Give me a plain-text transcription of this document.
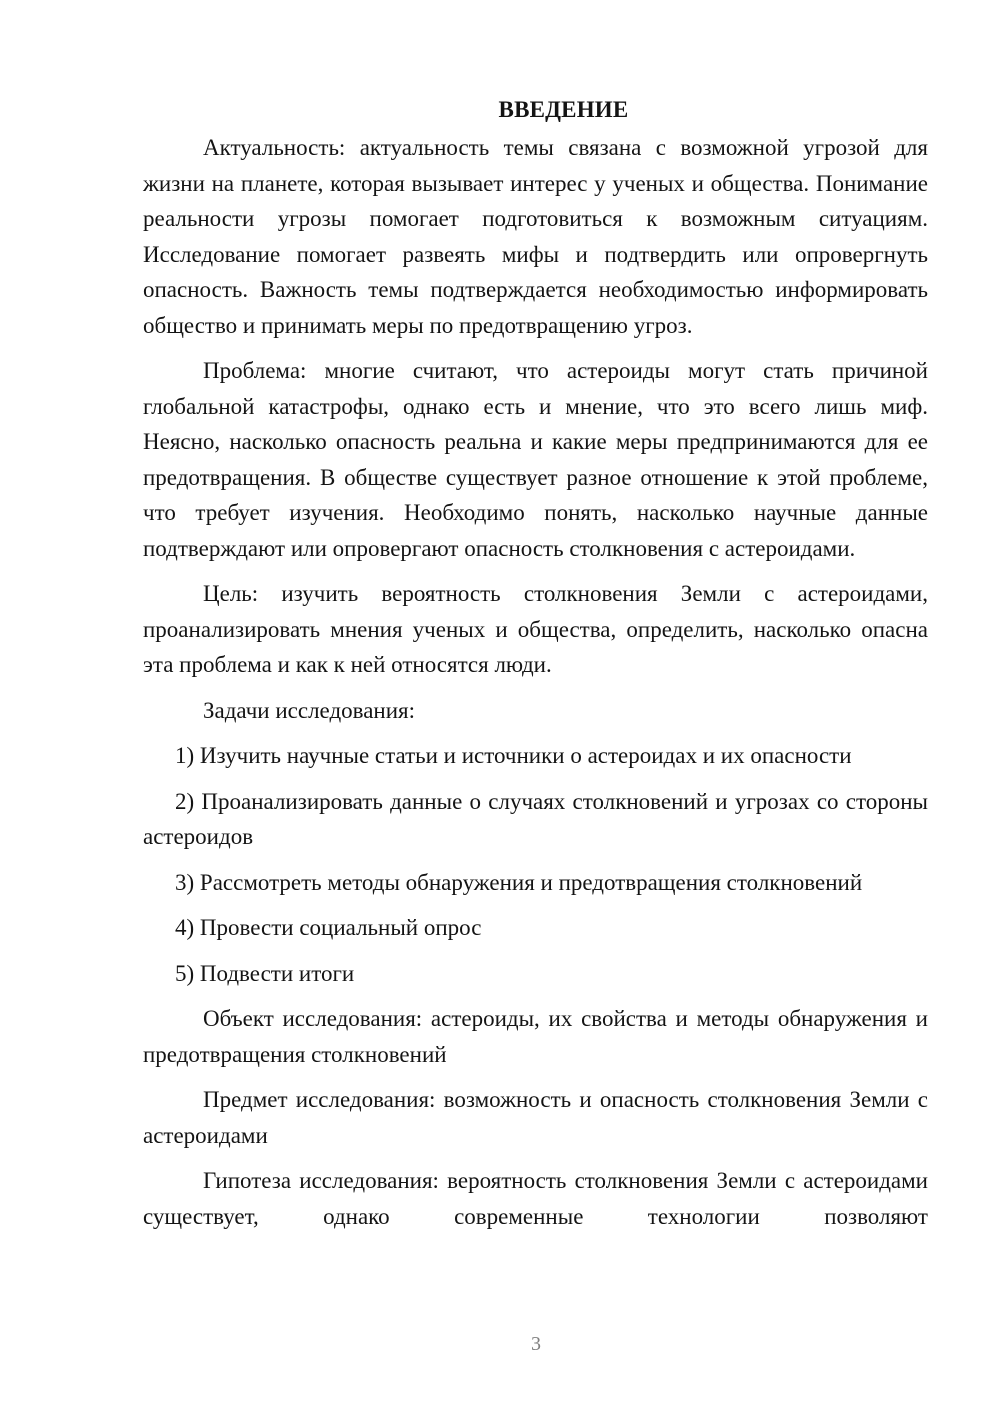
ВВЕДЕНИЕ

Актуальность: актуальность темы связана с возможной угрозой для жизни на планете, которая вызывает интерес у ученых и общества. Понимание реальности угрозы помогает подготовиться к возможным ситуациям. Исследование помогает развеять мифы и подтвердить или опровергнуть опасность. Важность темы подтверждается необходимостью информировать общество и принимать меры по предотвращению угроз.

Проблема: многие считают, что астероиды могут стать причиной глобальной катастрофы, однако есть и мнение, что это всего лишь миф. Неясно, насколько опасность реальна и какие меры предпринимаются для ее предотвращения. В обществе существует разное отношение к этой проблеме, что требует изучения. Необходимо понять, насколько научные данные подтверждают или опровергают опасность столкновения с астероидами.

Цель: изучить вероятность столкновения Земли с астероидами, проанализировать мнения ученых и общества, определить, насколько опасна эта проблема и как к ней относятся люди.

Задачи исследования:

1) Изучить научные статьи и источники о астероидах и их опасности

2) Проанализировать данные о случаях столкновений и угрозах со стороны астероидов

3) Рассмотреть методы обнаружения и предотвращения столкновений

4) Провести социальный опрос

5) Подвести итоги

Объект исследования: астероиды, их свойства и методы обнаружения и предотвращения столкновений

Предмет исследования: возможность и опасность столкновения Земли с астероидами

Гипотеза исследования: вероятность столкновения Земли с астероидами существует, однако современные технологии позволяют

3
